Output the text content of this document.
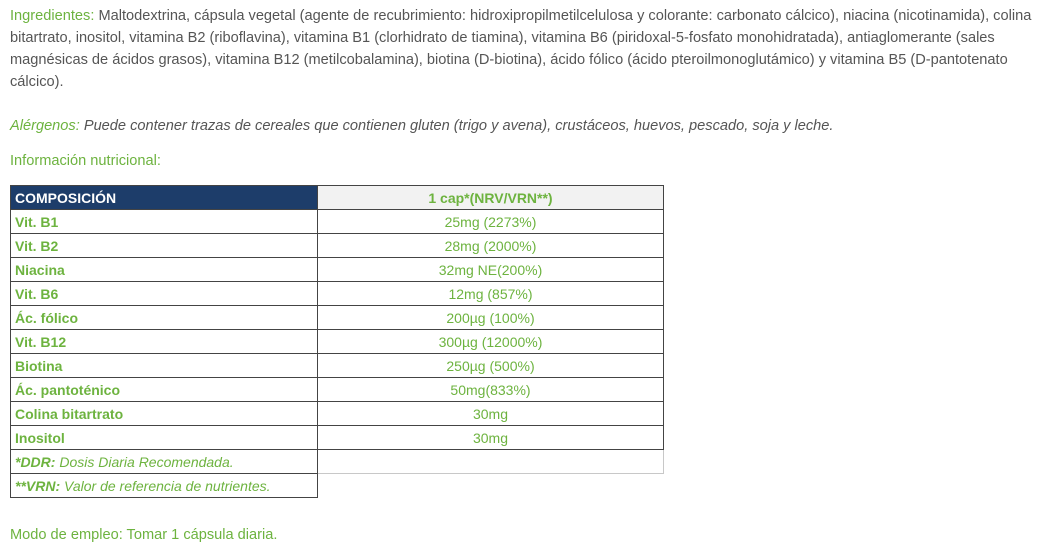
Ingredientes: Maltodextrina, cápsula vegetal (agente de recubrimiento: hidroxipropilmetilcelulosa y colorante: carbonato cálcico), niacina (nicotinamida), colina bitartrato, inositol, vitamina B2 (riboflavina), vitamina B1 (clorhidrato de tiamina), vitamina B6 (piridoxal-5-fosfato monohidratada), antiaglomerante (sales magnésicas de ácidos grasos), vitamina B12 (metilcobalamina), biotina (D-biotina), ácido fólico (ácido pteroilmonoglutámico) y vitamina B5 (D-pantotenato cálcico).

Alérgenos: Puede contener trazas de cereales que contienen gluten (trigo y avena), crustáceos, huevos, pescado, soja y leche.

Información nutricional:

COMPOSICIÓN	1 cap*(NRV/VRN**)
Vit. B1	25mg (2273%)
Vit. B2	28mg (2000%)
Niacina	32mg NE(200%)
Vit. B6	12mg (857%)
Ác. fólico	200µg (100%)
Vit. B12	300µg (12000%)
Biotina	250µg (500%)
Ác. pantoténico	50mg(833%)
Colina bitartrato	30mg
Inositol	30mg
*DDR: Dosis Diaria Recomendada.	
**VRN: Valor de referencia de nutrientes.	

Modo de empleo: Tomar 1 cápsula diaria.
